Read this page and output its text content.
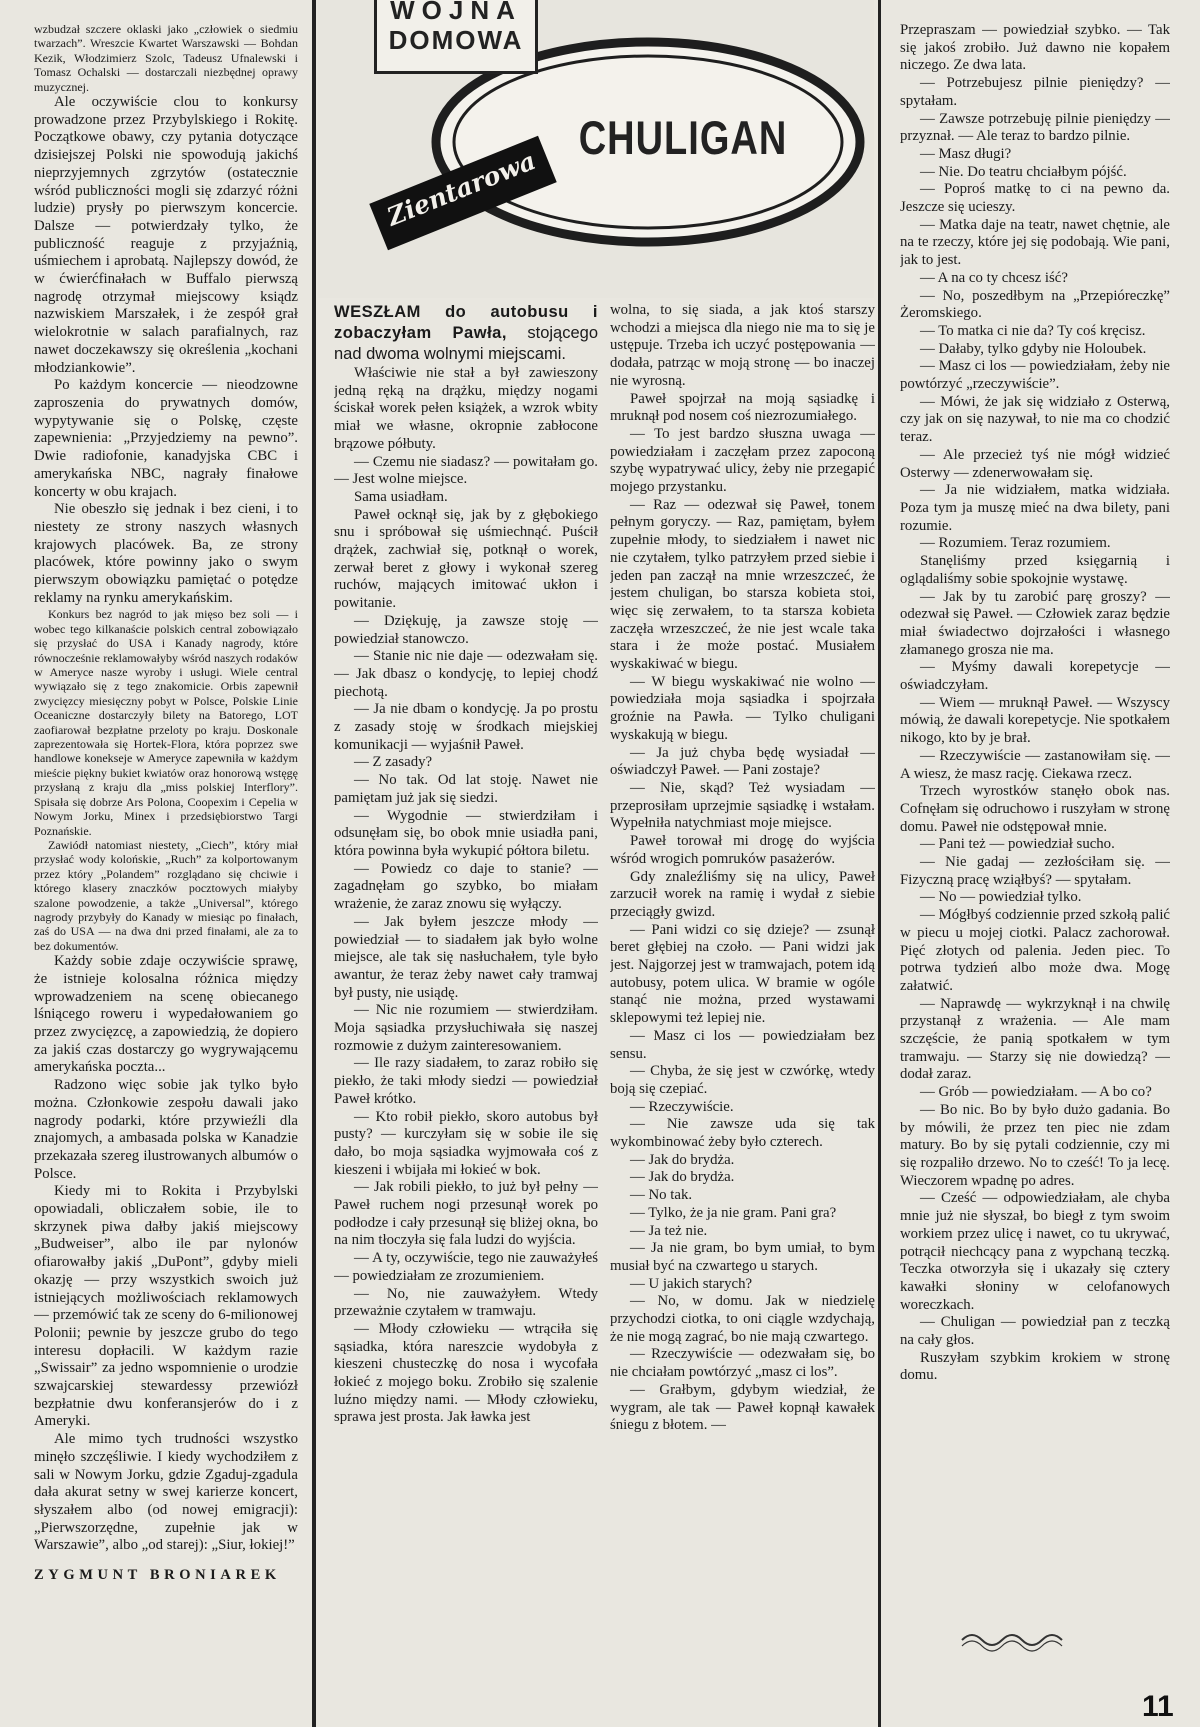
wzbudzał szczere oklaski jako „człowiek o siedmiu twarzach”. Wreszcie Kwartet Warszawski — Bohdan Kezik, Włodzimierz Szolc, Tadeusz Ufnalewski i Tomasz Ochalski — dostarczali niezbędnej oprawy muzycznej.

Ale oczywiście clou to konkursy prowadzone przez Przybylskiego i Rokitę. Początkowe obawy, czy pytania dotyczące dzisiejszej Polski nie spowodują jakichś nieprzyjemnych zgrzytów (ostatecznie wśród publiczności mogli się zdarzyć różni ludzie) prysły po pierwszym koncercie. Dalsze — potwierdzały tylko, że publiczność reaguje z przyjaźnią, uśmiechem i aprobatą. Najlepszy dowód, że w ćwierćfinałach w Buffalo pierwszą nagrodę otrzymał miejscowy ksiądz nazwiskiem Marszałek, i że zespół grał wielokrotnie w salach parafialnych, raz nawet doczekawszy się określenia „kochani młodziankowie”.

Po każdym koncercie — nieodzowne zaproszenia do prywatnych domów, wypytywanie się o Polskę, częste zapewnienia: „Przyjedziemy na pewno”. Dwie radiofonie, kanadyjska CBC i amerykańska NBC, nagrały finałowe koncerty w obu krajach.

Nie obeszło się jednak i bez cieni, i to niestety ze strony naszych własnych krajowych placówek. Ba, ze strony placówek, które powinny jako o swym pierwszym obowiązku pamiętać o potędze reklamy na rynku amerykańskim.

Konkurs bez nagród to jak mięso bez soli — i wobec tego kilkanaście polskich central zobowiązało się przysłać do USA i Kanady nagrody, które równocześnie reklamowałyby wśród naszych rodaków w Ameryce nasze wyroby i usługi. Wiele central wywiązało się z tego znakomicie. Orbis zapewnił zwycięzcy miesięczny pobyt w Polsce, Polskie Linie Oceaniczne dostarczyły bilety na Batorego, LOT zaofiarował bezpłatne przeloty po kraju. Doskonale zaprezentowała się Hortek-Flora, która poprzez swe handlowe konekseje w Ameryce zapewniła w każdym mieście piękny bukiet kwiatów oraz honorową wstęgę przysłaną z kraju dla „miss polskiej Interflory”. Spisała się dobrze Ars Polona, Coopexim i Cepelia w Nowym Jorku, Minex i przedsiębiorstwo Targi Poznańskie.

Zawiódł natomiast niestety, „Ciech”, który miał przysłać wody kolońskie, „Ruch” za kolportowanym przez który „Polandem” rozglądano się chciwie i którego klasery znaczków pocztowych miałyby szalone powodzenie, a także „Universal”, którego nagrody przybyły do Kanady w miesiąc po finałach, zaś do USA — na dwa dni przed finałami, ale za to bez dokumentów.

Każdy sobie zdaje oczywiście sprawę, że istnieje kolosalna różnica między wprowadzeniem na scenę obiecanego lśniącego roweru i wypedałowaniem go przez zwycięzcę, a zapowiedzią, że dopiero za jakiś czas dostarczy go wygrywającemu amerykańska poczta...

Radzono więc sobie jak tylko było można. Członkowie zespołu dawali jako nagrody podarki, które przywieźli dla znajomych, a ambasada polska w Kanadzie przekazała szereg ilustrowanych albumów o Polsce.

Kiedy mi to Rokita i Przybylski opowiadali, obliczałem sobie, ile to skrzynek piwa dałby jakiś miejscowy „Budweiser”, albo ile par nylonów ofiarowałby jakiś „DuPont”, gdyby mieli okazję — przy wszystkich swoich już istniejących możliwościach reklamowych — przemówić tak ze sceny do 6-milionowej Polonii; pewnie by jeszcze grubo do tego interesu dopłacili. W każdym razie „Swissair” za jedno wspomnienie o urodzie szwajcarskiej stewardessy przewiózł bezpłatnie dwu konferansjerów do i z Ameryki.

Ale mimo tych trudności wszystko minęło szczęśliwie. I kiedy wychodziłem z sali w Nowym Jorku, gdzie Zgaduj-zgadula dała akurat setny w swej karierze koncert, słyszałem albo (od nowej emigracji): „Pierwszorzędne, zupełnie jak w Warszawie”, albo „od starej): „Siur, łokiej!”

ZYGMUNT BRONIAREK

WOJNA
DOMOWA
CHULIGAN
Zientarowa

WESZŁAM do autobusu i zobaczyłam Pawła, stojącego nad dwoma wolnymi miejscami.

Właściwie nie stał a był zawieszony jedną ręką na drążku, między nogami ściskał worek pełen książek, a wzrok wbity miał we własne, okropnie zabłocone brązowe półbuty.

— Czemu nie siadasz? — powitałam go. — Jest wolne miejsce.

Sama usiadłam.

Paweł ocknął się, jak by z głębokiego snu i spróbował się uśmiechnąć. Puścił drążek, zachwiał się, potknął o worek, zerwał beret z głowy i wykonał szereg ruchów, mających imitować ukłon i powitanie.

— Dziękuję, ja zawsze stoję — powiedział stanowczo.

— Stanie nic nie daje — odezwałam się. — Jak dbasz o kondycję, to lepiej chodź piechotą.

— Ja nie dbam o kondycję. Ja po prostu z zasady stoję w środkach miejskiej komunikacji — wyjaśnił Paweł.

— Z zasady?

— No tak. Od lat stoję. Nawet nie pamiętam już jak się siedzi.

— Wygodnie — stwierdziłam i odsunęłam się, bo obok mnie usiadła pani, która powinna była wykupić półtora biletu.

— Powiedz co daje to stanie? — zagadnęłam go szybko, bo miałam wrażenie, że zaraz znowu się wyłączy.

— Jak byłem jeszcze młody — powiedział — to siadałem jak było wolne miejsce, ale tak się nasłuchałem, tyle było awantur, że teraz żeby nawet cały tramwaj był pusty, nie usiądę.

— Nic nie rozumiem — stwierdziłam. Moja sąsiadka przysłuchiwała się naszej rozmowie z dużym zainteresowaniem.

— Ile razy siadałem, to zaraz robiło się piekło, że taki młody siedzi — powiedział Paweł krótko.

— Kto robił piekło, skoro autobus był pusty? — kurczyłam się w sobie ile się dało, bo moja sąsiadka wyjmowała coś z kieszeni i wbijała mi łokieć w bok.

— Jak robili piekło, to już był pełny — Paweł ruchem nogi przesunął worek po podłodze i cały przesunął się bliżej okna, bo na nim tłoczyła się fala ludzi do wyjścia.

— A ty, oczywiście, tego nie zauważyłeś — powiedziałam ze zrozumieniem.

— No, nie zauważyłem. Wtedy przeważnie czytałem w tramwaju.

— Młody człowieku — wtrąciła się sąsiadka, która nareszcie wydobyła z kieszeni chusteczkę do nosa i wycofała łokieć z mojego boku. Zrobiło się szalenie luźno między nami. — Młody człowieku, sprawa jest prosta. Jak ławka jest

wolna, to się siada, a jak ktoś starszy wchodzi a miejsca dla niego nie ma to się je ustępuje. Trzeba ich uczyć postępowania — dodała, patrząc w moją stronę — bo inaczej nie wyrosną.

Paweł spojrzał na moją sąsiadkę i mruknął pod nosem coś niezrozumiałego.

— To jest bardzo słuszna uwaga — powiedziałam i zaczęłam przez zapoconą szybę wypatrywać ulicy, żeby nie przegapić mojego przystanku.

— Raz — odezwał się Paweł, tonem pełnym goryczy. — Raz, pamiętam, byłem zupełnie młody, to siedziałem i nawet nic nie czytałem, tylko patrzyłem przed siebie i jeden pan zaczął na mnie wrzeszczeć, że jestem chuligan, bo starsza kobieta stoi, więc się zerwałem, to ta starsza kobieta zaczęła wrzeszczeć, że nie jest wcale taka stara i że może postać. Musiałem wyskakiwać w biegu.

— W biegu wyskakiwać nie wolno — powiedziała moja sąsiadka i spojrzała groźnie na Pawła. — Tylko chuligani wyskakują w biegu.

— Ja już chyba będę wysiadał — oświadczył Paweł. — Pani zostaje?

— Nie, skąd? Też wysiadam — przeprosiłam uprzejmie sąsiadkę i wstałam. Wypełniła natychmiast moje miejsce.

Paweł torował mi drogę do wyjścia wśród wrogich pomruków pasażerów.

Gdy znaleźliśmy się na ulicy, Paweł zarzucił worek na ramię i wydał z siebie przeciągły gwizd.

— Pani widzi co się dzieje? — zsunął beret głębiej na czoło. — Pani widzi jak jest. Najgorzej jest w tramwajach, potem idą autobusy, potem ulica. W bramie w ogóle stanąć nie można, przed wystawami sklepowymi też lepiej nie.

— Masz ci los — powiedziałam bez sensu.

— Chyba, że się jest w czwórkę, wtedy boją się czepiać.

— Rzeczywiście.

— Nie zawsze uda się tak wykombinować żeby było czterech.

— Jak do brydża.

— Jak do brydża.

— No tak.

— Tylko, że ja nie gram. Pani gra?

— Ja też nie.

— Ja nie gram, bo bym umiał, to bym musiał być na czwartego u starych.

— U jakich starych?

— No, w domu. Jak w niedzielę przychodzi ciotka, to oni ciągle wzdychają, że nie mogą zagrać, bo nie mają czwartego.

— Rzeczywiście — odezwałam się, bo nie chciałam powtórzyć „masz ci los”.

— Grałbym, gdybym wiedział, że wygram, ale tak — Paweł kopnął kawałek śniegu z błotem. —

Przepraszam — powiedział szybko. — Tak się jakoś zrobiło. Już dawno nie kopałem niczego. Ze dwa lata.

— Potrzebujesz pilnie pieniędzy? — spytałam.

— Zawsze potrzebuję pilnie pieniędzy — przyznał. — Ale teraz to bardzo pilnie.

— Masz długi?

— Nie. Do teatru chciałbym pójść.

— Poproś matkę to ci na pewno da. Jeszcze się ucieszy.

— Matka daje na teatr, nawet chętnie, ale na te rzeczy, które jej się podobają. Wie pani, jak to jest.

— A na co ty chcesz iść?

— No, poszedłbym na „Przepióreczkę” Żeromskiego.

— To matka ci nie da? Ty coś kręcisz.

— Dałaby, tylko gdyby nie Holoubek.

— Masz ci los — powiedziałam, żeby nie powtórzyć „rzeczywiście”.

— Mówi, że jak się widziało z Osterwą, czy jak on się nazywał, to nie ma co chodzić teraz.

— Ale przecież tyś nie mógł widzieć Osterwy — zdenerwowałam się.

— Ja nie widziałem, matka widziała. Poza tym ja muszę mieć na dwa bilety, pani rozumie.

— Rozumiem. Teraz rozumiem.

Stanęliśmy przed księgarnią i oglądaliśmy sobie spokojnie wystawę.

— Jak by tu zarobić parę groszy? — odezwał się Paweł. — Człowiek zaraz będzie miał świadectwo dojrzałości i własnego złamanego grosza nie ma.

— Myśmy dawali korepetycje — oświadczyłam.

— Wiem — mruknął Paweł. — Wszyscy mówią, że dawali korepetycje. Nie spotkałem nikogo, kto by je brał.

— Rzeczywiście — zastanowiłam się. — A wiesz, że masz rację. Ciekawa rzecz.

Trzech wyrostków stanęło obok nas. Cofnęłam się odruchowo i ruszyłam w stronę domu. Paweł nie odstępował mnie.

— Pani też — powiedział sucho.

— Nie gadaj — zezłościłam się. — Fizyczną pracę wziąłbyś? — spytałam.

— No — powiedział tylko.

— Mógłbyś codziennie przed szkołą palić w piecu u mojej ciotki. Palacz zachorował. Pięć złotych od palenia. Jeden piec. To potrwa tydzień albo może dwa. Mogę załatwić.

— Naprawdę — wykrzyknął i na chwilę przystanął z wrażenia. — Ale mam szczęście, że panią spotkałem w tym tramwaju. — Starzy się nie dowiedzą? — dodał zaraz.

— Grób — powiedziałam. — A bo co?

— Bo nic. Bo by było dużo gadania. Bo by mówili, że przez ten piec nie zdam matury. Bo by się pytali codziennie, czy mi się rozpaliło drzewo. No to cześć! To ja lecę. Wieczorem wpadnę po adres.

— Cześć — odpowiedziałam, ale chyba mnie już nie słyszał, bo biegł z tym swoim workiem przez ulicę i nawet, co tu ukrywać, potrącił niechcący pana z wypchaną teczką. Teczka otworzyła się i ukazały się cztery kawałki słoniny w celofanowych woreczkach.

— Chuligan — powiedział pan z teczką na cały głos.

Ruszyłam szybkim krokiem w stronę domu.

11
